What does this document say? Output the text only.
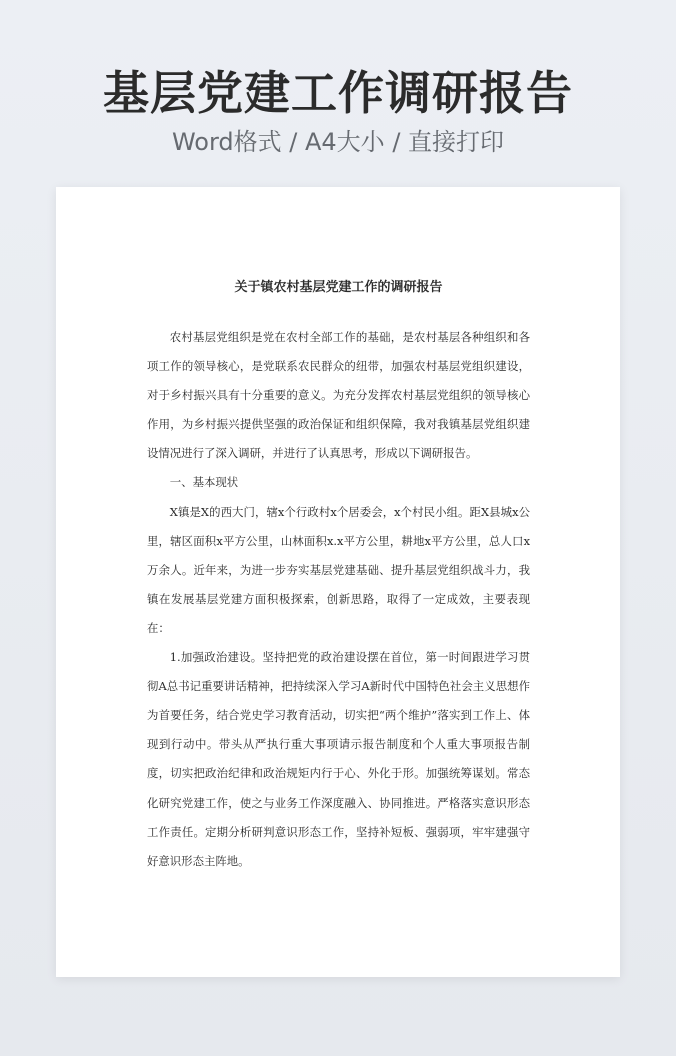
基层党建工作调研报告
Word格式 / A4大小 / 直接打印
关于镇农村基层党建工作的调研报告

农村基层党组织是党在农村全部工作的基础，是农村基层各种组织和各项工作的领导核心，是党联系农民群众的纽带，加强农村基层党组织建设，对于乡村振兴具有十分重要的意义。为充分发挥农村基层党组织的领导核心作用，为乡村振兴提供坚强的政治保证和组织保障，我对我镇基层党组织建设情况进行了深入调研，并进行了认真思考，形成以下调研报告。

一、基本现状

X镇是X的西大门，辖x个行政村x个居委会，x个村民小组。距X县城x公里，辖区面积x平方公里，山林面积x.x平方公里，耕地x平方公里，总人口x万余人。近年来，为进一步夯实基层党建基础、提升基层党组织战斗力，我镇在发展基层党建方面积极探索，创新思路，取得了一定成效，主要表现在：

1.加强政治建设。坚持把党的政治建设摆在首位，第一时间跟进学习贯彻A总书记重要讲话精神，把持续深入学习A新时代中国特色社会主义思想作为首要任务，结合党史学习教育活动，切实把“两个维护”落实到工作上、体现到行动中。带头从严执行重大事项请示报告制度和个人重大事项报告制度，切实把政治纪律和政治规矩内行于心、外化于形。加强统筹谋划。常态化研究党建工作，使之与业务工作深度融入、协同推进。严格落实意识形态工作责任。定期分析研判意识形态工作，坚持补短板、强弱项，牢牢建强守好意识形态主阵地。
